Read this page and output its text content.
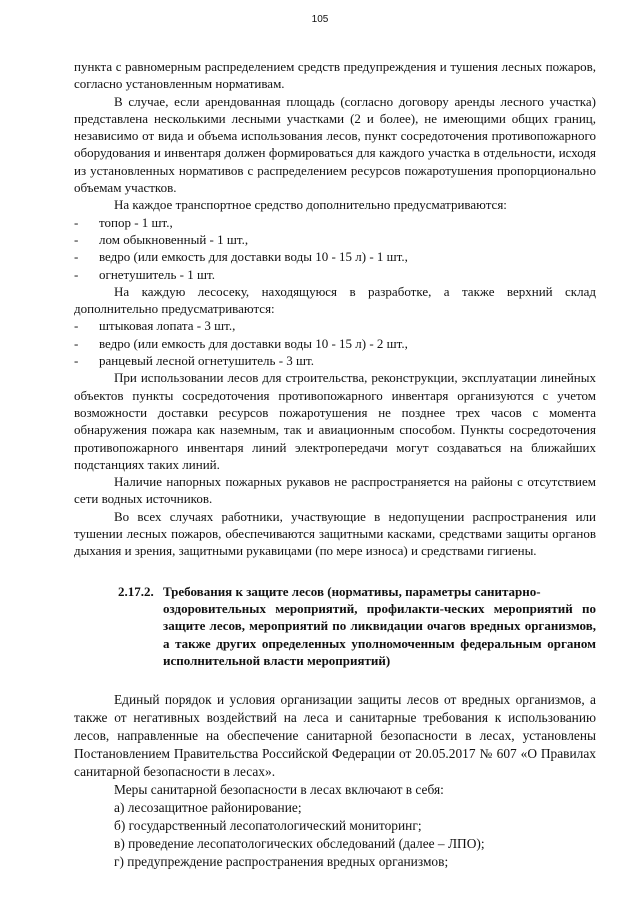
105

пункта с равномерным распределением средств предупреждения и тушения лесных пожаров, согласно установленным нормативам.

В случае, если арендованная площадь (согласно договору аренды лесного участка) представлена несколькими лесными участками (2 и более), не имеющими общих границ, независимо от вида и объема использования лесов, пункт сосредоточения противопожарного оборудования и инвентаря должен формироваться для каждого участка в отдельности, исходя из установленных нормативов с распределением ресурсов пожаротушения пропорционально объемам участков.

На каждое транспортное средство дополнительно предусматриваются:

- топор - 1 шт.,
- лом обыкновенный - 1 шт.,
- ведро (или емкость для доставки воды 10 - 15 л) - 1 шт.,
- огнетушитель - 1 шт.

На каждую лесосеку, находящуюся в разработке, а также верхний склад дополнительно предусматриваются:

- штыковая лопата - 3 шт.,
- ведро (или емкость для доставки воды 10 - 15 л) - 2 шт.,
- ранцевый лесной огнетушитель - 3 шт.

При использовании лесов для строительства, реконструкции, эксплуатации линейных объектов пункты сосредоточения противопожарного инвентаря организуются с учетом возможности доставки ресурсов пожаротушения не позднее трех часов с момента обнаружения пожара как наземным, так и авиационным способом. Пункты сосредоточения противопожарного инвентаря линий электропередачи могут создаваться на ближайших подстанциях таких линий.

Наличие напорных пожарных рукавов не распространяется на районы с отсутствием сети водных источников.

Во всех случаях работники, участвующие в недопущении распространения или тушении лесных пожаров, обеспечиваются защитными касками, средствами защиты органов дыхания и зрения, защитными рукавицами (по мере износа) и средствами гигиены.

2.17.2. Требования к защите лесов (нормативы, параметры санитарно-
оздоровительных мероприятий, профилакти-ческих мероприятий по защите лесов, мероприятий по ликвидации очагов вредных организмов, а также других определенных уполномоченным федеральным органом исполнительной власти мероприятий)

Единый порядок и условия организации защиты лесов от вредных организмов, а также от негативных воздействий на леса и санитарные требования к использованию лесов, направленные на обеспечение санитарной безопасности в лесах, установлены Постановлением Правительства Российской Федерации от 20.05.2017 № 607 «О Правилах санитарной безопасности в лесах».

Меры санитарной безопасности в лесах включают в себя:

а) лесозащитное районирование;

б) государственный лесопатологический мониторинг;

в) проведение лесопатологических обследований (далее – ЛПО);

г) предупреждение распространения вредных организмов;
